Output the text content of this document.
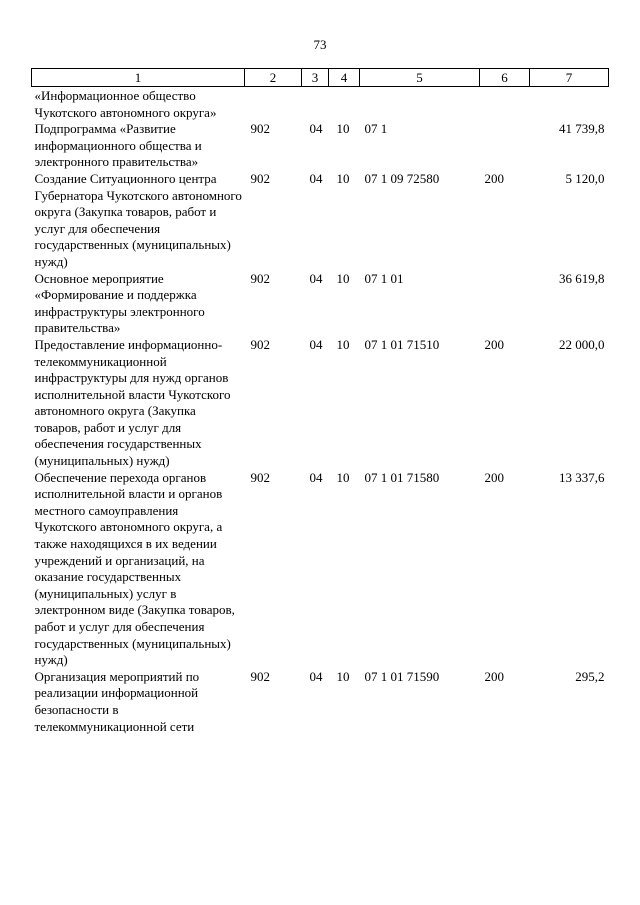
73
1	2	3	4	5	6	7
«Информационное общество Чукотского автономного округа»						
Подпрограмма «Развитие информационного общества и электронного правительства»	902	04	10	07 1		41 739,8
Создание Ситуационного центра Губернатора Чукотского автономного округа (Закупка товаров, работ и услуг для обеспечения государственных (муниципальных) нужд)	902	04	10	07 1 09 72580	200	5 120,0
Основное мероприятие «Формирование и поддержка инфраструктуры электронного правительства»	902	04	10	07 1 01		36 619,8
Предоставление информационно-телекоммуникационной инфраструктуры для нужд органов исполнительной власти Чукотского автономного округа (Закупка товаров, работ и услуг для обеспечения государственных (муниципальных) нужд)	902	04	10	07 1 01 71510	200	22 000,0
Обеспечение перехода органов исполнительной власти и органов местного самоуправления Чукотского автономного округа, а также находящихся в их ведении учреждений и организаций, на оказание государственных (муниципальных) услуг в электронном виде (Закупка товаров, работ и услуг для обеспечения государственных (муниципальных) нужд)	902	04	10	07 1 01 71580	200	13 337,6
Организация мероприятий по реализации информационной безопасности в телекоммуникационной сети	902	04	10	07 1 01 71590	200	295,2
